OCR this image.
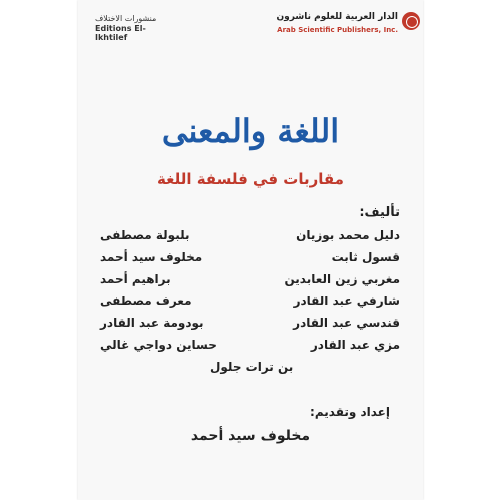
منشورات الاختلاف
Editions El-Ikhtilef
الدار العربية للعلوم ناشرون
Arab Scientific Publishers, Inc.
اللغة والمعنى
مقاربات في فلسفة اللغة
تأليف:
دليل محمد بوزيان
بلبولة مصطفى
قسول ثابت
مخلوف سيد أحمد
مغربي زين العابدين
براهيم أحمد
شارفي عبد القادر
معرف مصطفى
قندسي عبد القادر
بودومة عبد القادر
مزي عبد القادر
حساين دواجي غالي
بن ترات جلول
إعداد وتقديم:
مخلوف سيد أحمد
